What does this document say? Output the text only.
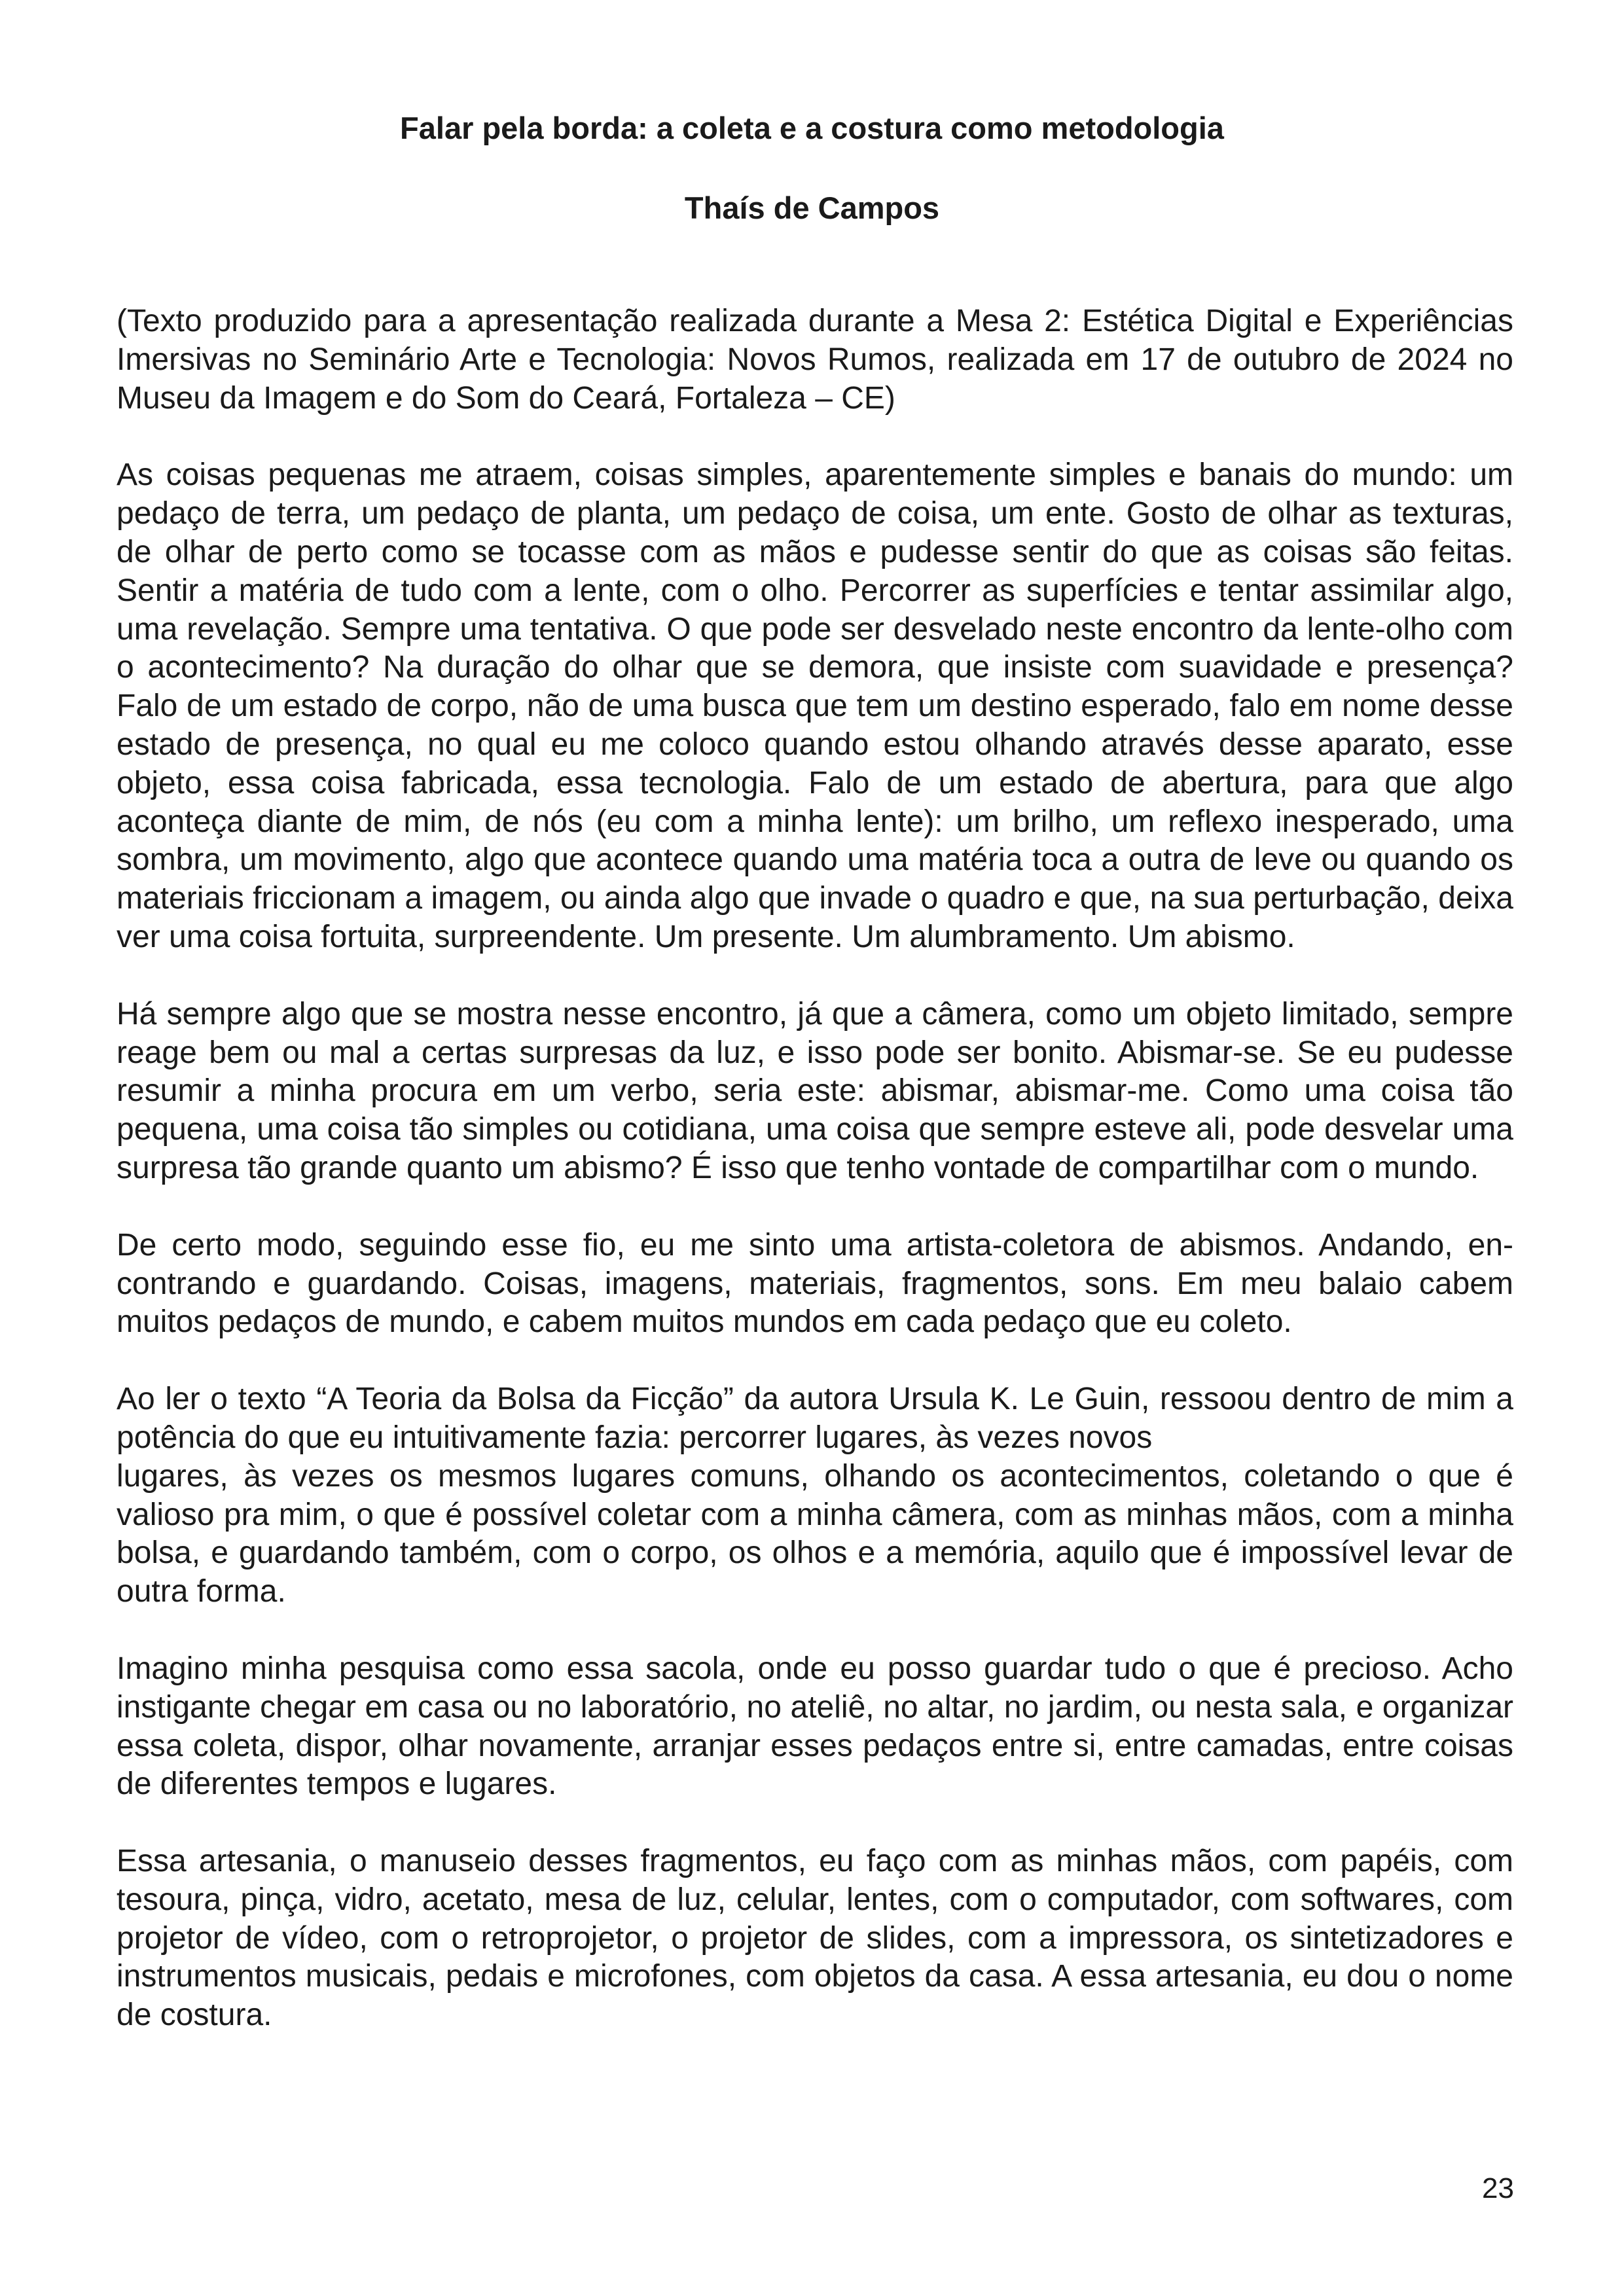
Falar pela borda: a coleta e a costura como metodologia
Thaís de Campos

(Texto produzido para a apresentação realizada durante a Mesa 2: Estética Digital e Experiências Imersivas no Seminário Arte e Tecnologia: Novos Rumos, realizada em 17 de outubro de 2024 no Museu da Imagem e do Som do Ceará, Fortaleza – CE)

As coisas pequenas me atraem, coisas simples, aparentemente simples e banais do mundo: um pedaço de terra, um pedaço de planta, um pedaço de coisa, um ente. Gosto de olhar as texturas, de olhar de perto como se tocasse com as mãos e pudesse sentir do que as coisas são feitas. Sentir a matéria de tudo com a lente, com o olho. Percorrer as superfícies e tentar assimilar algo, uma revelação. Sempre uma tentativa. O que pode ser desvelado neste encontro da lente-olho com o acontecimento? Na duração do olhar que se demora, que insiste com suavidade e presença? Falo de um estado de corpo, não de uma busca que tem um destino esperado, falo em nome desse estado de presença, no qual eu me coloco quando estou olhando através desse aparato, esse objeto, essa coisa fabricada, essa tecnologia. Falo de um estado de abertura, para que algo aconteça diante de mim, de nós (eu com a minha lente): um brilho, um reflexo inesperado, uma sombra, um movimento, algo que acontece quando uma matéria toca a outra de leve ou quando os materiais friccionam a imagem, ou ainda algo que invade o quadro e que, na sua perturbação, deixa ver uma coisa fortuita, surpreendente. Um presente. Um alumbramento. Um abismo.

Há sempre algo que se mostra nesse encontro, já que a câmera, como um objeto limitado, sempre reage bem ou mal a certas surpresas da luz, e isso pode ser bonito. Abismar-se. Se eu pudesse resumir a minha procura em um verbo, seria este: abismar, abismar-me. Como uma coisa tão pequena, uma coisa tão simples ou cotidiana, uma coisa que sempre esteve ali, pode desvelar uma surpresa tão grande quanto um abismo? É isso que tenho vontade de compartilhar com o mundo.

De certo modo, seguindo esse fio, eu me sinto uma artista-coletora de abismos. Andando, encontrando e guardando. Coisas, imagens, materiais, fragmentos, sons. Em meu balaio cabem muitos pedaços de mundo, e cabem muitos mundos em cada pedaço que eu coleto.

Ao ler o texto “A Teoria da Bolsa da Ficção” da autora Ursula K. Le Guin, ressoou dentro de mim a potência do que eu intuitivamente fazia: percorrer lugares, às vezes novos
lugares, às vezes os mesmos lugares comuns, olhando os acontecimentos, coletando o que é valioso pra mim, o que é possível coletar com a minha câmera, com as minhas mãos, com a minha bolsa, e guardando também, com o corpo, os olhos e a memória, aquilo que é impossível levar de outra forma.

Imagino minha pesquisa como essa sacola, onde eu posso guardar tudo o que é precioso. Acho instigante chegar em casa ou no laboratório, no ateliê, no altar, no jardim, ou nesta sala, e organizar essa coleta, dispor, olhar novamente, arranjar esses pedaços entre si, entre camadas, entre coisas de diferentes tempos e lugares.

Essa artesania, o manuseio desses fragmentos, eu faço com as minhas mãos, com papéis, com tesoura, pinça, vidro, acetato, mesa de luz, celular, lentes, com o computador, com softwares, com projetor de vídeo, com o retroprojetor, o projetor de slides, com a impressora, os sintetizadores e instrumentos musicais, pedais e microfones, com objetos da casa. A essa artesania, eu dou o nome de costura.

23
